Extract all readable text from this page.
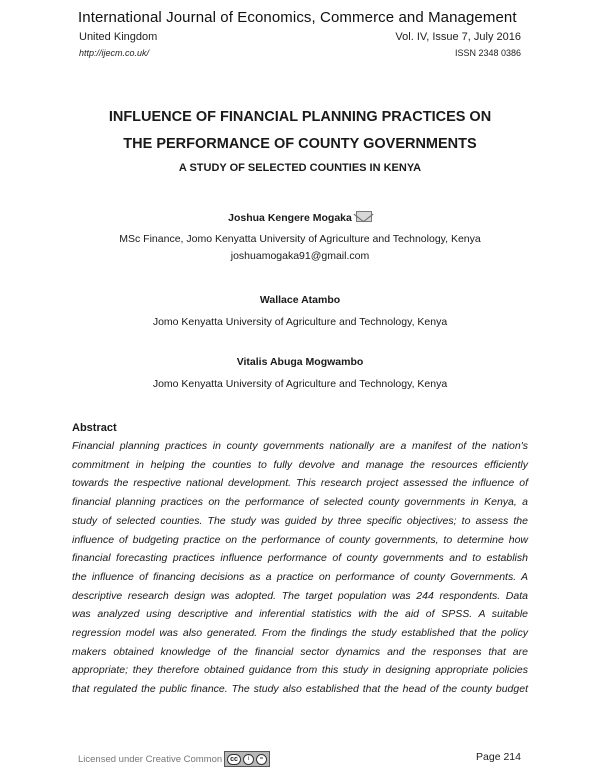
International Journal of Economics, Commerce and Management
United Kingdom
http://ijecm.co.uk/
Vol. IV, Issue 7, July 2016
ISSN 2348 0386
INFLUENCE OF FINANCIAL PLANNING PRACTICES ON
THE PERFORMANCE OF COUNTY GOVERNMENTS
A STUDY OF SELECTED COUNTIES IN KENYA
Joshua Kengere Mogaka
MSc Finance, Jomo Kenyatta University of Agriculture and Technology, Kenya
joshuamogaka91@gmail.com
Wallace Atambo
Jomo Kenyatta University of Agriculture and Technology, Kenya
Vitalis Abuga Mogwambo
Jomo Kenyatta University of Agriculture and Technology, Kenya
Abstract
Financial planning practices in county governments nationally are a manifest of the nation's
commitment in helping the counties to fully devolve and manage the resources efficiently
towards the respective national development. This research project assessed the influence of
financial planning practices on the performance of selected county governments in Kenya, a
study of selected counties. The study was guided by three specific objectives; to assess the
influence of budgeting practice on the performance of county governments, to determine how
financial forecasting practices influence performance of county governments and to establish
the influence of financing decisions as a practice on performance of county Governments. A
descriptive research design was adopted. The target population was 244 respondents. Data
was analyzed using descriptive and inferential statistics with the aid of SPSS. A suitable
regression model was also generated. From the findings the study established that the policy
makers obtained knowledge of the financial sector dynamics and the responses that are
appropriate; they therefore obtained guidance from this study in designing appropriate policies
that regulated the public finance. The study also established that the head of the county budget
Licensed under Creative Common	cc	i	=	Page 214
